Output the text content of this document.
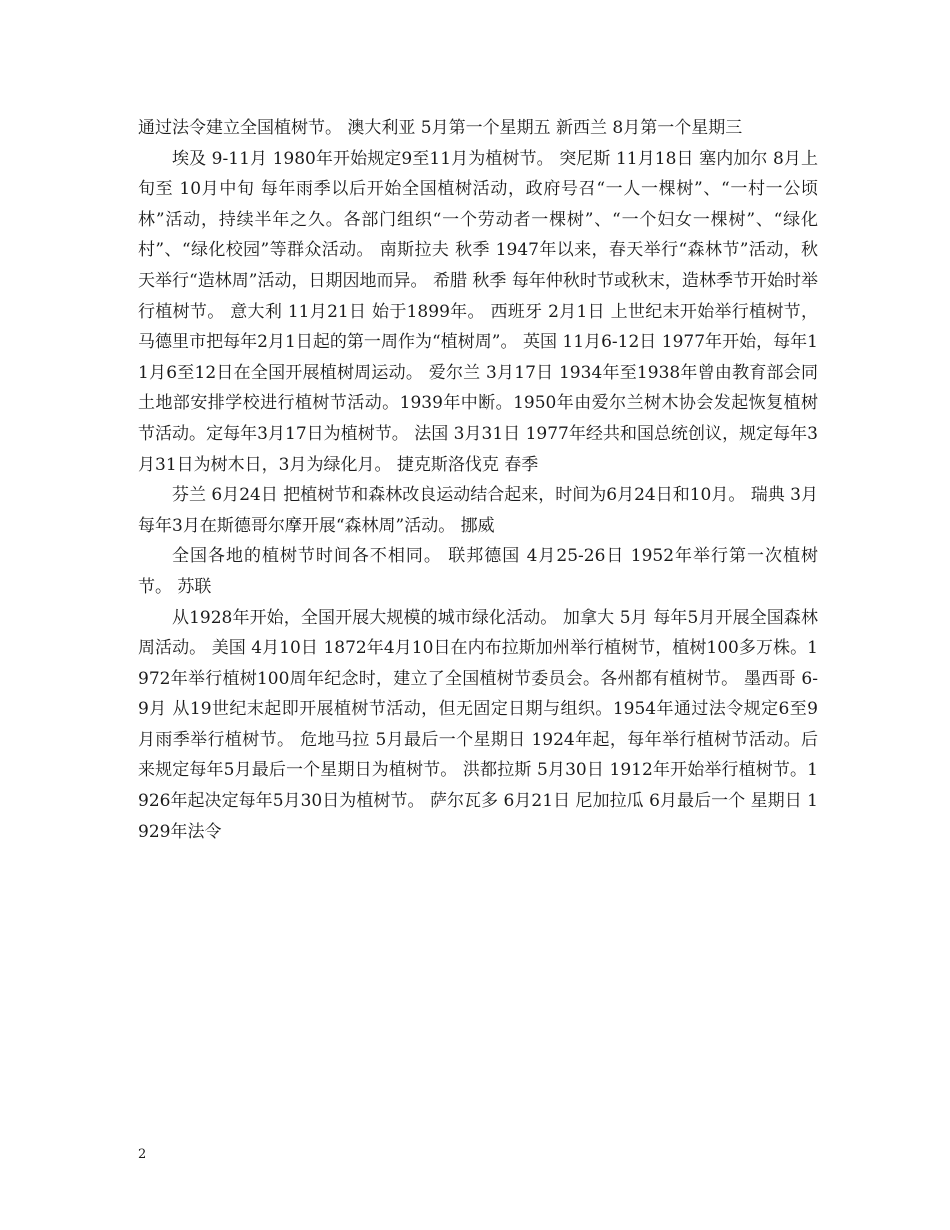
通过法令建立全国植树节。 澳大利亚 5月第一个星期五 新西兰 8月第一个星期三

埃及 9-11月 1980年开始规定9至11月为植树节。 突尼斯 11月18日 塞内加尔 8月上旬至 10月中旬 每年雨季以后开始全国植树活动，政府号召“一人一棵树”、“一村一公顷林”活动，持续半年之久。各部门组织“一个劳动者一棵树”、“一个妇女一棵树”、“绿化村”、“绿化校园”等群众活动。 南斯拉夫 秋季 1947年以来，春天举行“森林节”活动，秋天举行“造林周”活动，日期因地而异。 希腊 秋季 每年仲秋时节或秋末，造林季节开始时举行植树节。 意大利 11月21日 始于1899年。 西班牙 2月1日 上世纪末开始举行植树节，马德里市把每年2月1日起的第一周作为“植树周”。 英国 11月6-12日 1977年开始，每年11月6至12日在全国开展植树周运动。 爱尔兰 3月17日 1934年至1938年曾由教育部会同土地部安排学校进行植树节活动。1939年中断。1950年由爱尔兰树木协会发起恢复植树节活动。定每年3月17日为植树节。 法国 3月31日 1977年经共和国总统创议，规定每年3月31日为树木日，3月为绿化月。 捷克斯洛伐克 春季

芬兰 6月24日 把植树节和森林改良运动结合起来，时间为6月24日和10月。 瑞典 3月 每年3月在斯德哥尔摩开展“森林周”活动。 挪威

全国各地的植树节时间各不相同。 联邦德国 4月25-26日 1952年举行第一次植树节。 苏联

从1928年开始，全国开展大规模的城市绿化活动。 加拿大 5月 每年5月开展全国森林周活动。 美国 4月10日 1872年4月10日在内布拉斯加州举行植树节，植树100多万株。1972年举行植树100周年纪念时，建立了全国植树节委员会。各州都有植树节。 墨西哥 6-9月 从19世纪末起即开展植树节活动，但无固定日期与组织。1954年通过法令规定6至9月雨季举行植树节。 危地马拉 5月最后一个星期日 1924年起，每年举行植树节活动。后来规定每年5月最后一个星期日为植树节。 洪都拉斯 5月30日 1912年开始举行植树节。1926年起决定每年5月30日为植树节。 萨尔瓦多 6月21日 尼加拉瓜 6月最后一个 星期日 1929年法令

2
